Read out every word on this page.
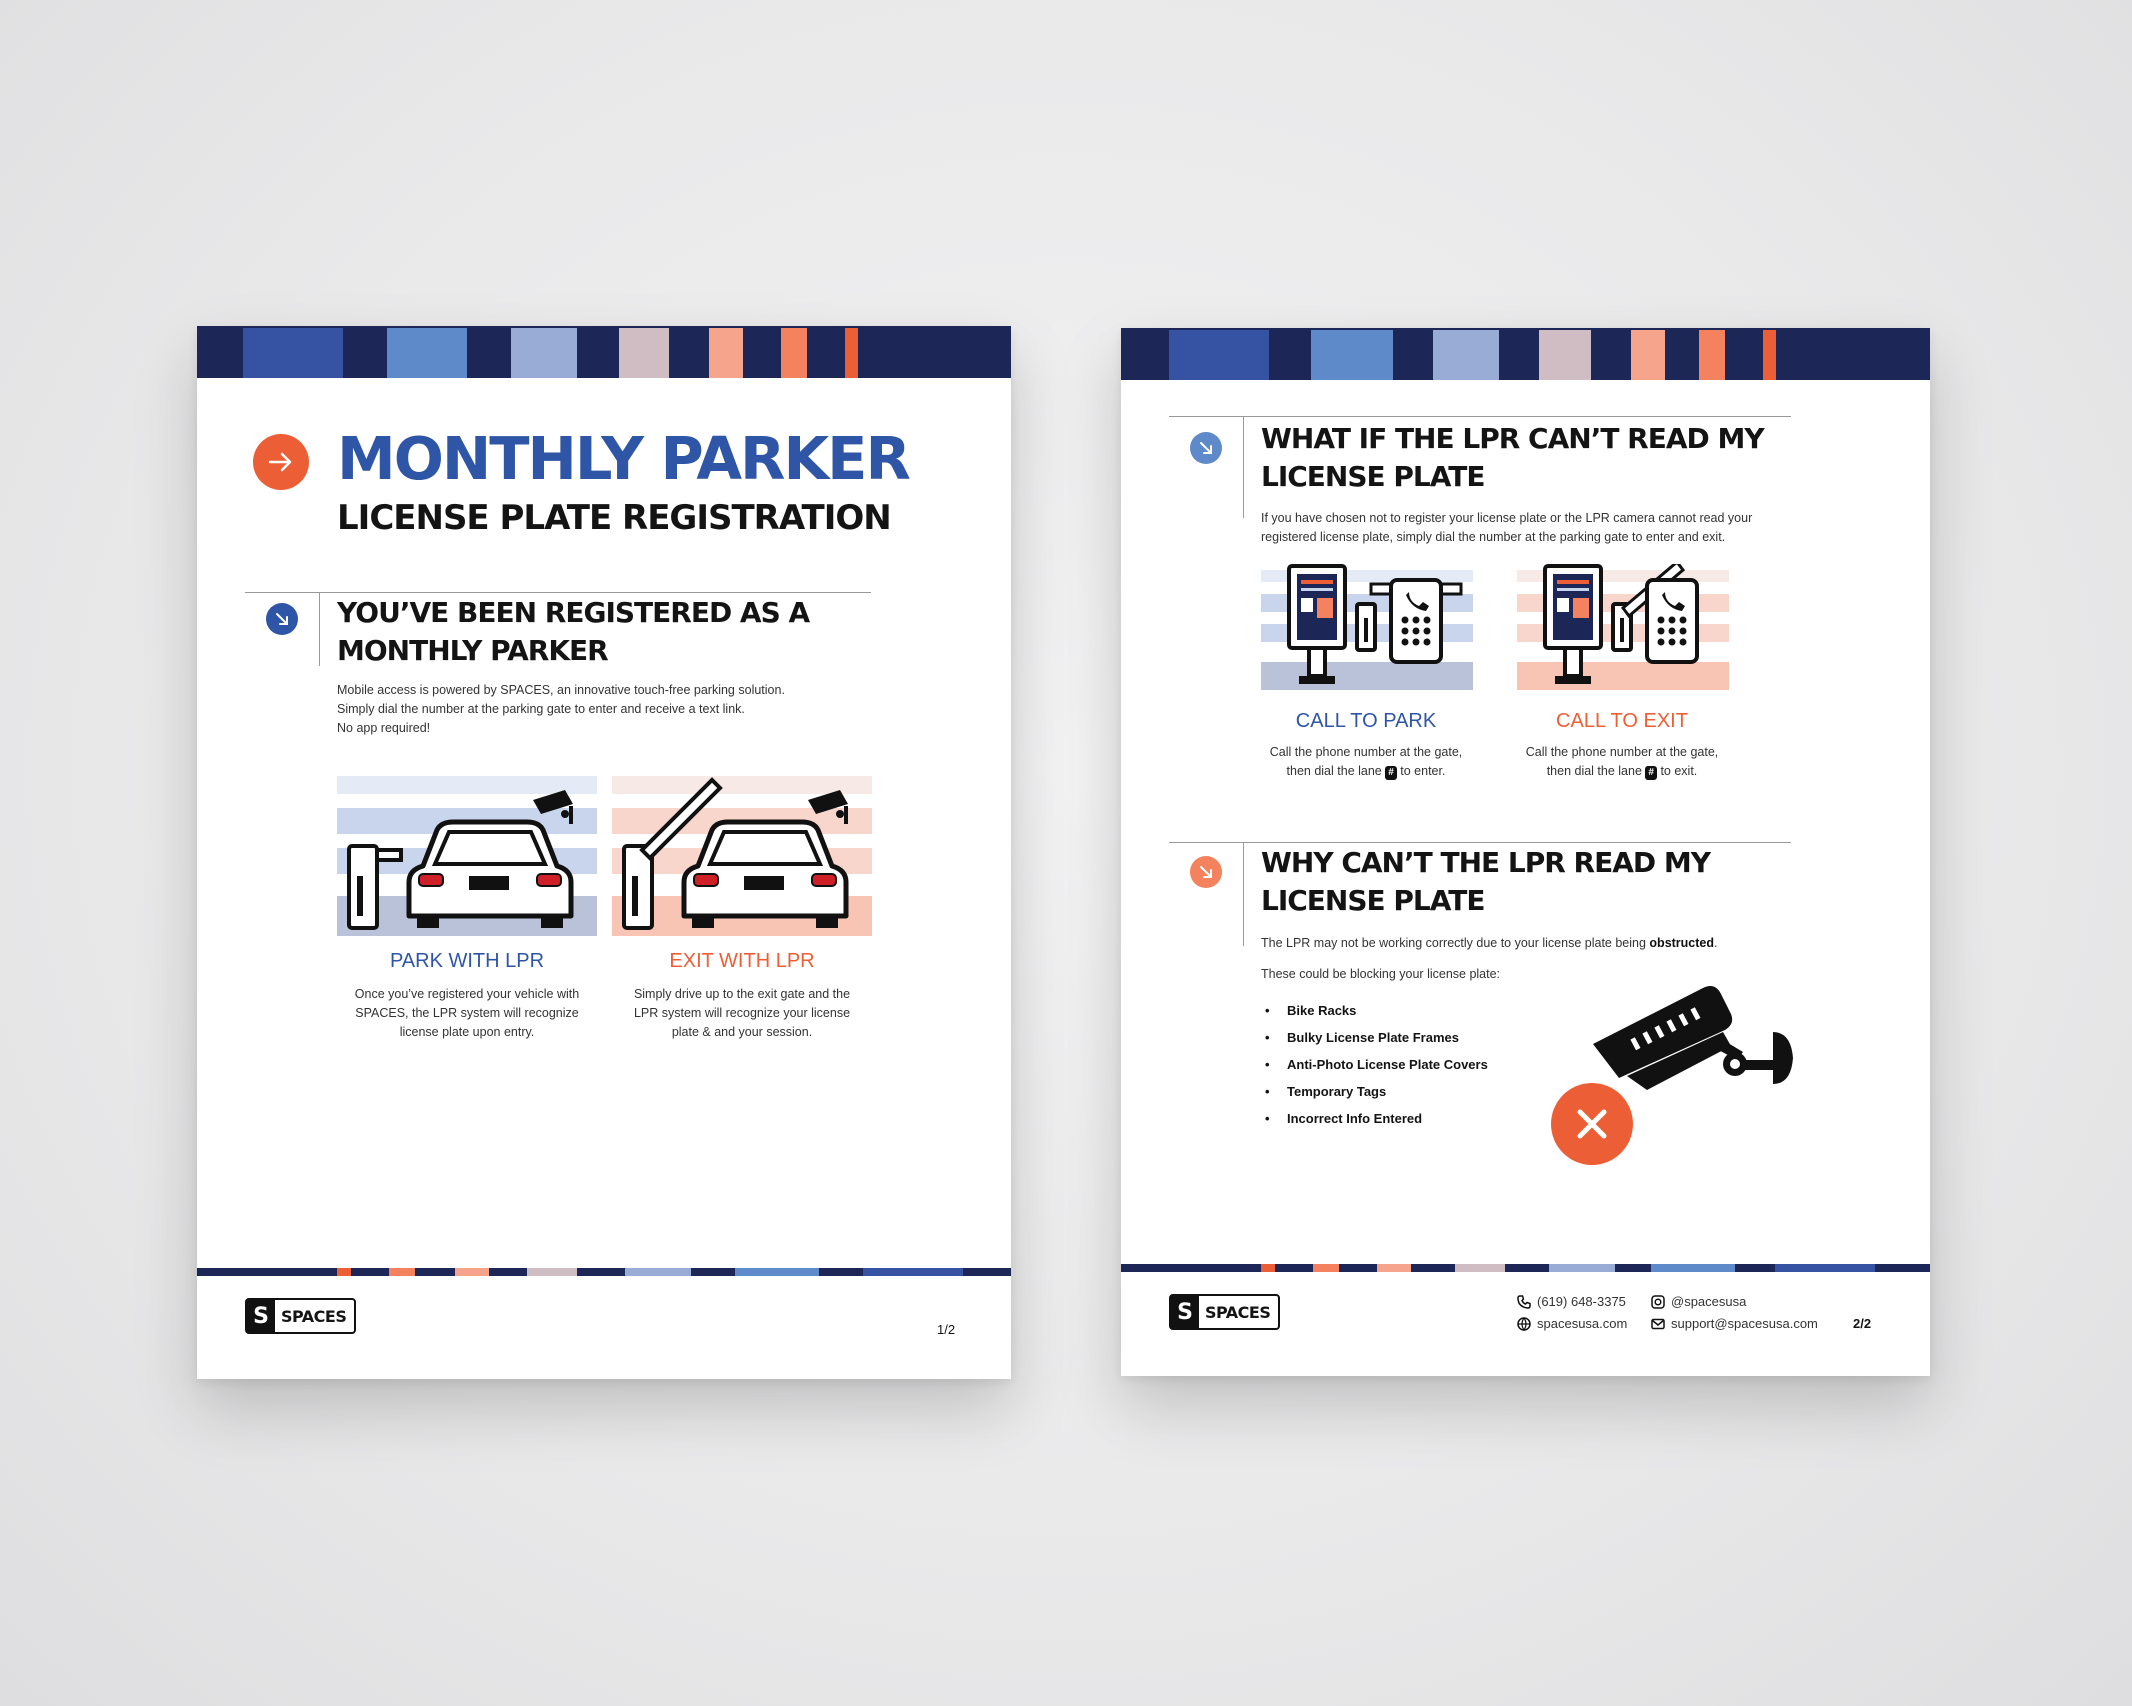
MONTHLY PARKER
LICENSE PLATE REGISTRATION
YOU’VE BEEN REGISTERED AS A
MONTHLY PARKER
Mobile access is powered by SPACES, an innovative touch-free parking solution.
Simply dial the number at the parking gate to enter and receive a text link.
No app required!
PARK WITH LPR
Once you’ve registered your vehicle with
SPACES, the LPR system will recognize
license plate upon entry.
EXIT WITH LPR
Simply drive up to the exit gate and the
LPR system will recognize your license
plate & and your session.
S SPACES
1/2
WHAT IF THE LPR CAN’T READ MY
LICENSE PLATE
If you have chosen not to register your license plate or the LPR camera cannot read your
registered license plate, simply dial the number at the parking gate to enter and exit.
CALL TO PARK
Call the phone number at the gate,
then dial the lane # to enter.
CALL TO EXIT
Call the phone number at the gate,
then dial the lane # to exit.
WHY CAN’T THE LPR READ MY
LICENSE PLATE
The LPR may not be working correctly due to your license plate being obstructed.
These could be blocking your license plate:
• Bike Racks
• Bulky License Plate Frames
• Anti-Photo License Plate Covers
• Temporary Tags
• Incorrect Info Entered
S SPACES
(619) 648-3375	@spacesusa
spacesusa.com	support@spacesusa.com	2/2
